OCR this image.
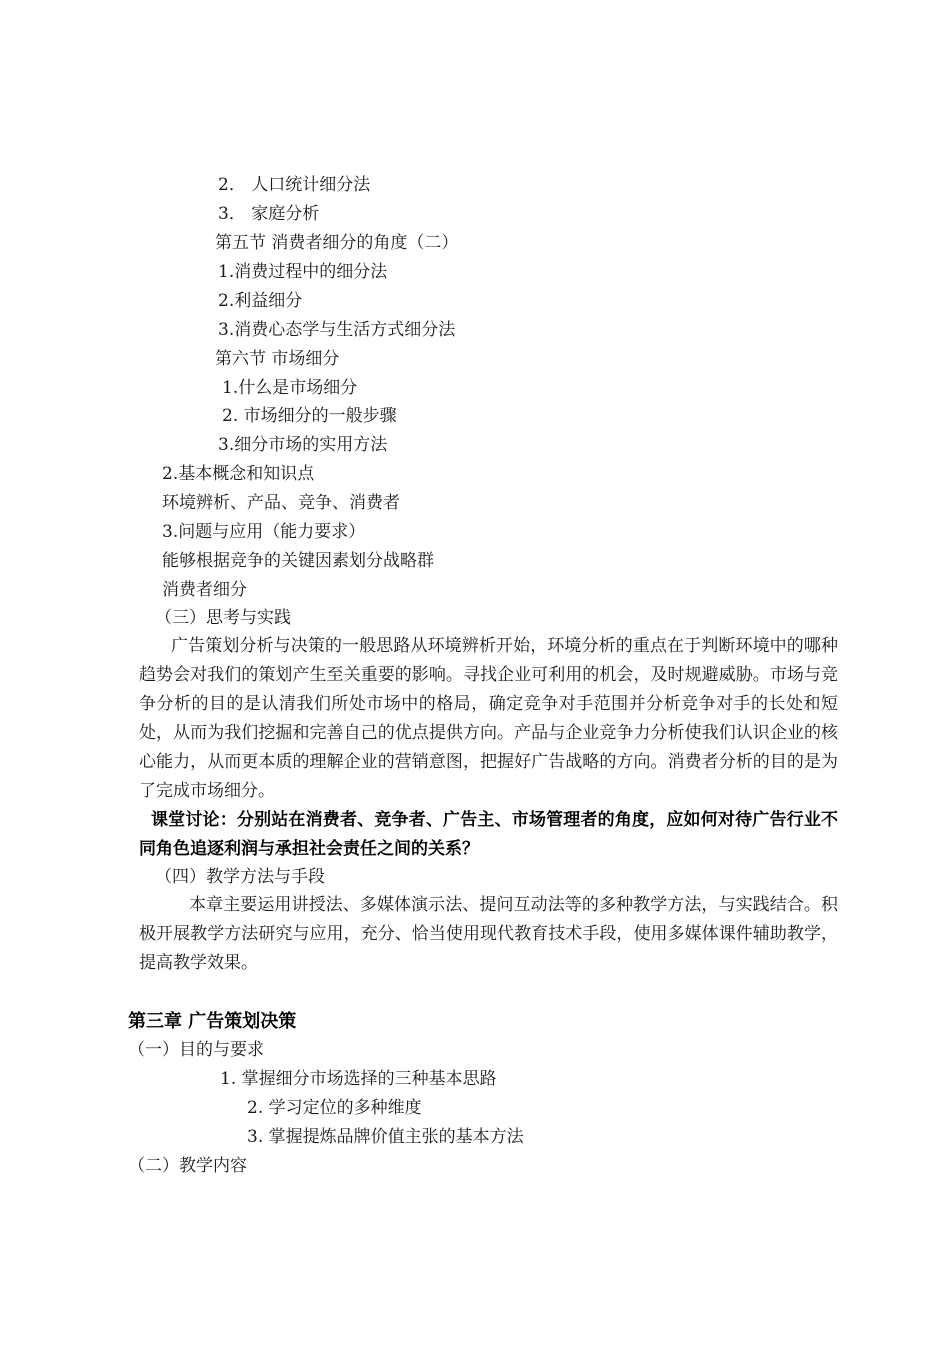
2． 人口统计细分法
3． 家庭分析
第五节 消费者细分的角度（二）
1.消费过程中的细分法
2.利益细分
3.消费心态学与生活方式细分法
第六节 市场细分
1.什么是市场细分
2. 市场细分的一般步骤
3.细分市场的实用方法
2.基本概念和知识点
环境辨析、产品、竞争、消费者
3.问题与应用（能力要求）
能够根据竞争的关键因素划分战略群
消费者细分
（三）思考与实践

广告策划分析与决策的一般思路从环境辨析开始，环境分析的重点在于判断环境中的哪种趋势会对我们的策划产生至关重要的影响。寻找企业可利用的机会，及时规避威胁。市场与竞争分析的目的是认清我们所处市场中的格局，确定竞争对手范围并分析竞争对手的长处和短处，从而为我们挖掘和完善自己的优点提供方向。产品与企业竞争力分析使我们认识企业的核心能力，从而更本质的理解企业的营销意图，把握好广告战略的方向。消费者分析的目的是为了完成市场细分。

课堂讨论：分别站在消费者、竞争者、广告主、市场管理者的角度，应如何对待广告行业不同角色追逐利润与承担社会责任之间的关系？

（四）教学方法与手段

本章主要运用讲授法、多媒体演示法、提问互动法等的多种教学方法，与实践结合。积极开展教学方法研究与应用，充分、恰当使用现代教育技术手段，使用多媒体课件辅助教学，提高教学效果。

第三章 广告策划决策
（一）目的与要求
1. 掌握细分市场选择的三种基本思路
2. 学习定位的多种维度
3. 掌握提炼品牌价值主张的基本方法
（二）教学内容
